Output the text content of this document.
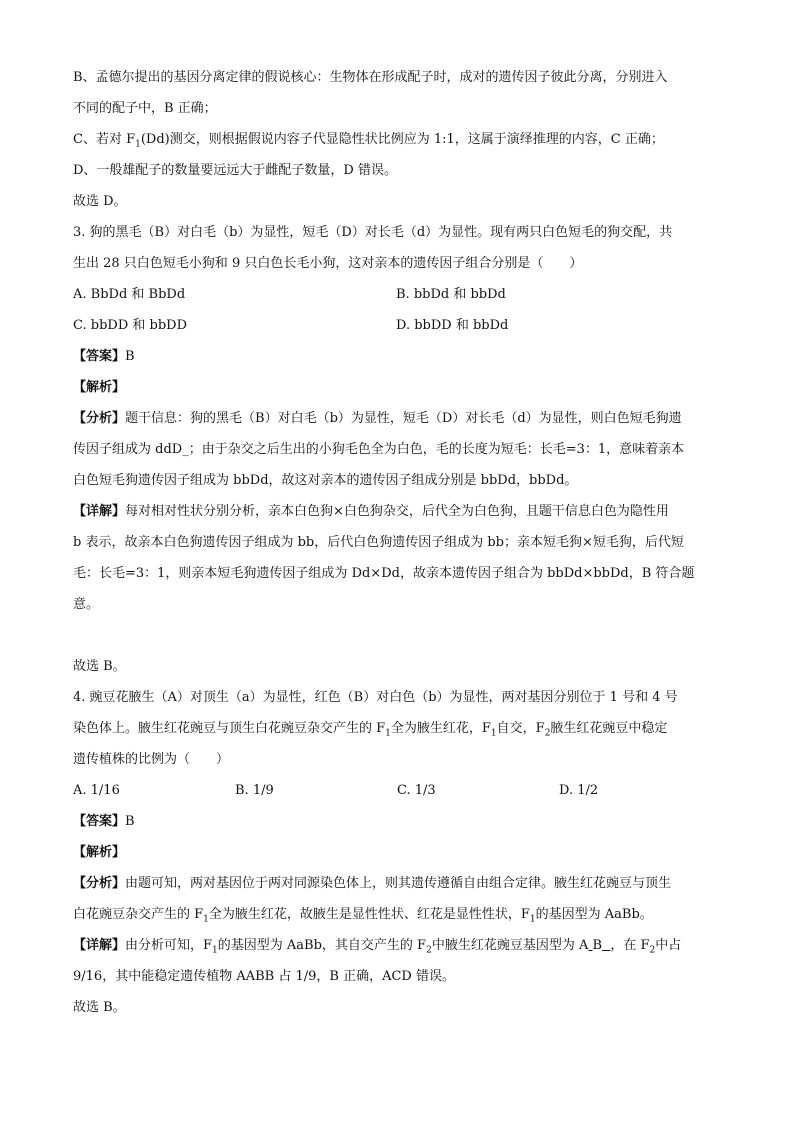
B、孟德尔提出的基因分离定律的假说核心：生物体在形成配子时，成对的遗传因子彼此分离，分别进入
不同的配子中，B 正确；
C、若对 $F_1(Dd)$测交，则根据假说内容子代显隐性状比例应为 1:1，这属于演绎推理的内容，C 正确；
D、一般雄配子的数量要远远大于雌配子数量，D 错误。
故选 D。
3. 狗的黑毛（B）对白毛（b）为显性，短毛（D）对长毛（d）为显性。现有两只白色短毛的狗交配，共
生出 28 只白色短毛小狗和 9 只白色长毛小狗，这对亲本的遗传因子组合分别是（　　）
A. BbDd 和 BbDd	B. bbDd 和 bbDd
C. bbDD 和 bbDD	D. bbDD 和 bbDd
【答案】B
【解析】
【分析】题干信息：狗的黑毛（B）对白毛（b）为显性，短毛（D）对长毛（d）为显性，则白色短毛狗遗
传因子组成为 ddD_；由于杂交之后生出的小狗毛色全为白色，毛的长度为短毛：长毛=3：1，意味着亲本
白色短毛狗遗传因子组成为 bbDd，故这对亲本的遗传因子组成分别是 bbDd，bbDd。
【详解】每对相对性状分别分析，亲本白色狗×白色狗杂交，后代全为白色狗，且题干信息白色为隐性用
b 表示，故亲本白色狗遗传因子组成为 bb，后代白色狗遗传因子组成为 bb；亲本短毛狗×短毛狗，后代短
毛：长毛=3：1，则亲本短毛狗遗传因子组成为 Dd×Dd，故亲本遗传因子组合为 bbDd×bbDd，B 符合题
意。
故选 B。
4. 豌豆花腋生（A）对顶生（a）为显性，红色（B）对白色（b）为显性，两对基因分别位于 1 号和 4 号
染色体上。腋生红花豌豆与顶生白花豌豆杂交产生的 $F_1$全为腋生红花，$F_1$自交，$F_2$腋生红花豌豆中稳定
遗传植株的比例为（　　）
A. 1/16	B. 1/9	C. 1/3	D. 1/2
【答案】B
【解析】
【分析】由题可知，两对基因位于两对同源染色体上，则其遗传遵循自由组合定律。腋生红花豌豆与顶生
白花豌豆杂交产生的 $F_1$全为腋生红花，故腋生是显性性状、红花是显性性状，$F_1$的基因型为 AaBb。
【详解】由分析可知，$F_1$的基因型为 AaBb，其自交产生的 $F_2$中腋生红花豌豆基因型为 A B ，在 $F_2$中占
9/16，其中能稳定遗传植物 AABB 占 1/9，B 正确，ACD 错误。
故选 B。
